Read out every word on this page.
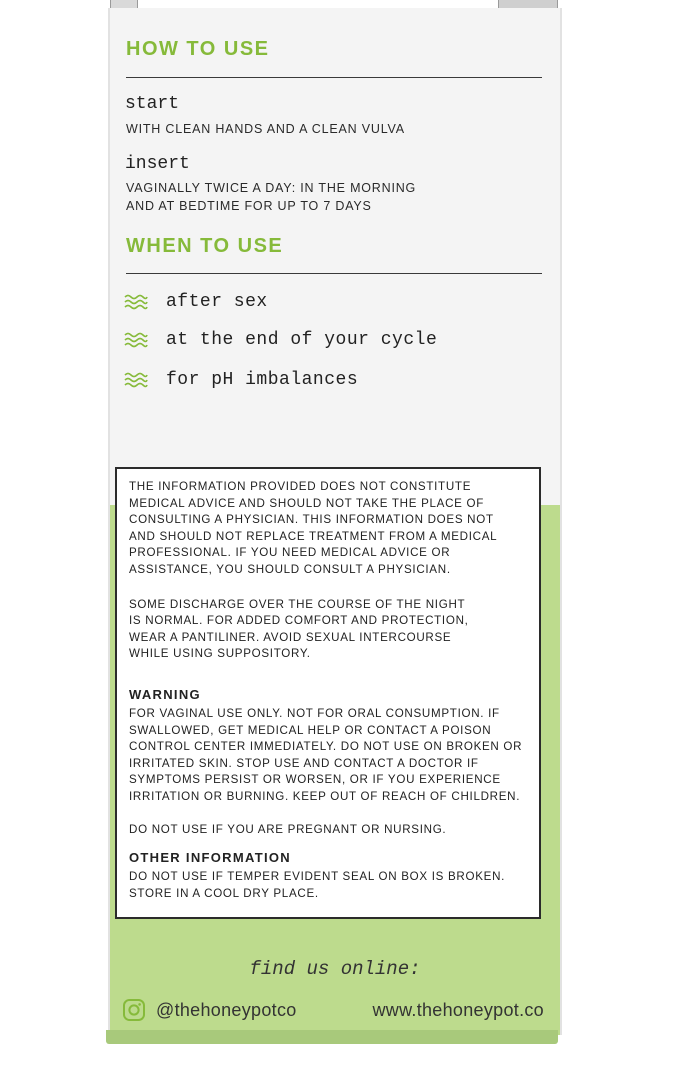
HOW TO USE
start
WITH CLEAN HANDS AND A CLEAN VULVA
insert
VAGINALLY TWICE A DAY: IN THE MORNING
AND AT BEDTIME FOR UP TO 7 DAYS
WHEN TO USE
after sex
at the end of your cycle
for pH imbalances

THE INFORMATION PROVIDED DOES NOT CONSTITUTE

MEDICAL ADVICE AND SHOULD NOT TAKE THE PLACE OF

CONSULTING A PHYSICIAN. THIS INFORMATION DOES NOT

AND SHOULD NOT REPLACE TREATMENT FROM A MEDICAL

PROFESSIONAL. IF YOU NEED MEDICAL ADVICE OR

ASSISTANCE, YOU SHOULD CONSULT A PHYSICIAN.

SOME DISCHARGE OVER THE COURSE OF THE NIGHT

IS NORMAL. FOR ADDED COMFORT AND PROTECTION,

WEAR A PANTILINER. AVOID SEXUAL INTERCOURSE

WHILE USING SUPPOSITORY.

WARNING

FOR VAGINAL USE ONLY. NOT FOR ORAL CONSUMPTION. IF

SWALLOWED, GET MEDICAL HELP OR CONTACT A POISON

CONTROL CENTER IMMEDIATELY. DO NOT USE ON BROKEN OR

IRRITATED SKIN. STOP USE AND CONTACT A DOCTOR IF

SYMPTOMS PERSIST OR WORSEN, OR IF YOU EXPERIENCE

IRRITATION OR BURNING. KEEP OUT OF REACH OF CHILDREN.

DO NOT USE IF YOU ARE PREGNANT OR NURSING.

OTHER INFORMATION

DO NOT USE IF TEMPER EVIDENT SEAL ON BOX IS BROKEN.

STORE IN A COOL DRY PLACE.

find us online:
@thehoneypotco	www.thehoneypot.co
